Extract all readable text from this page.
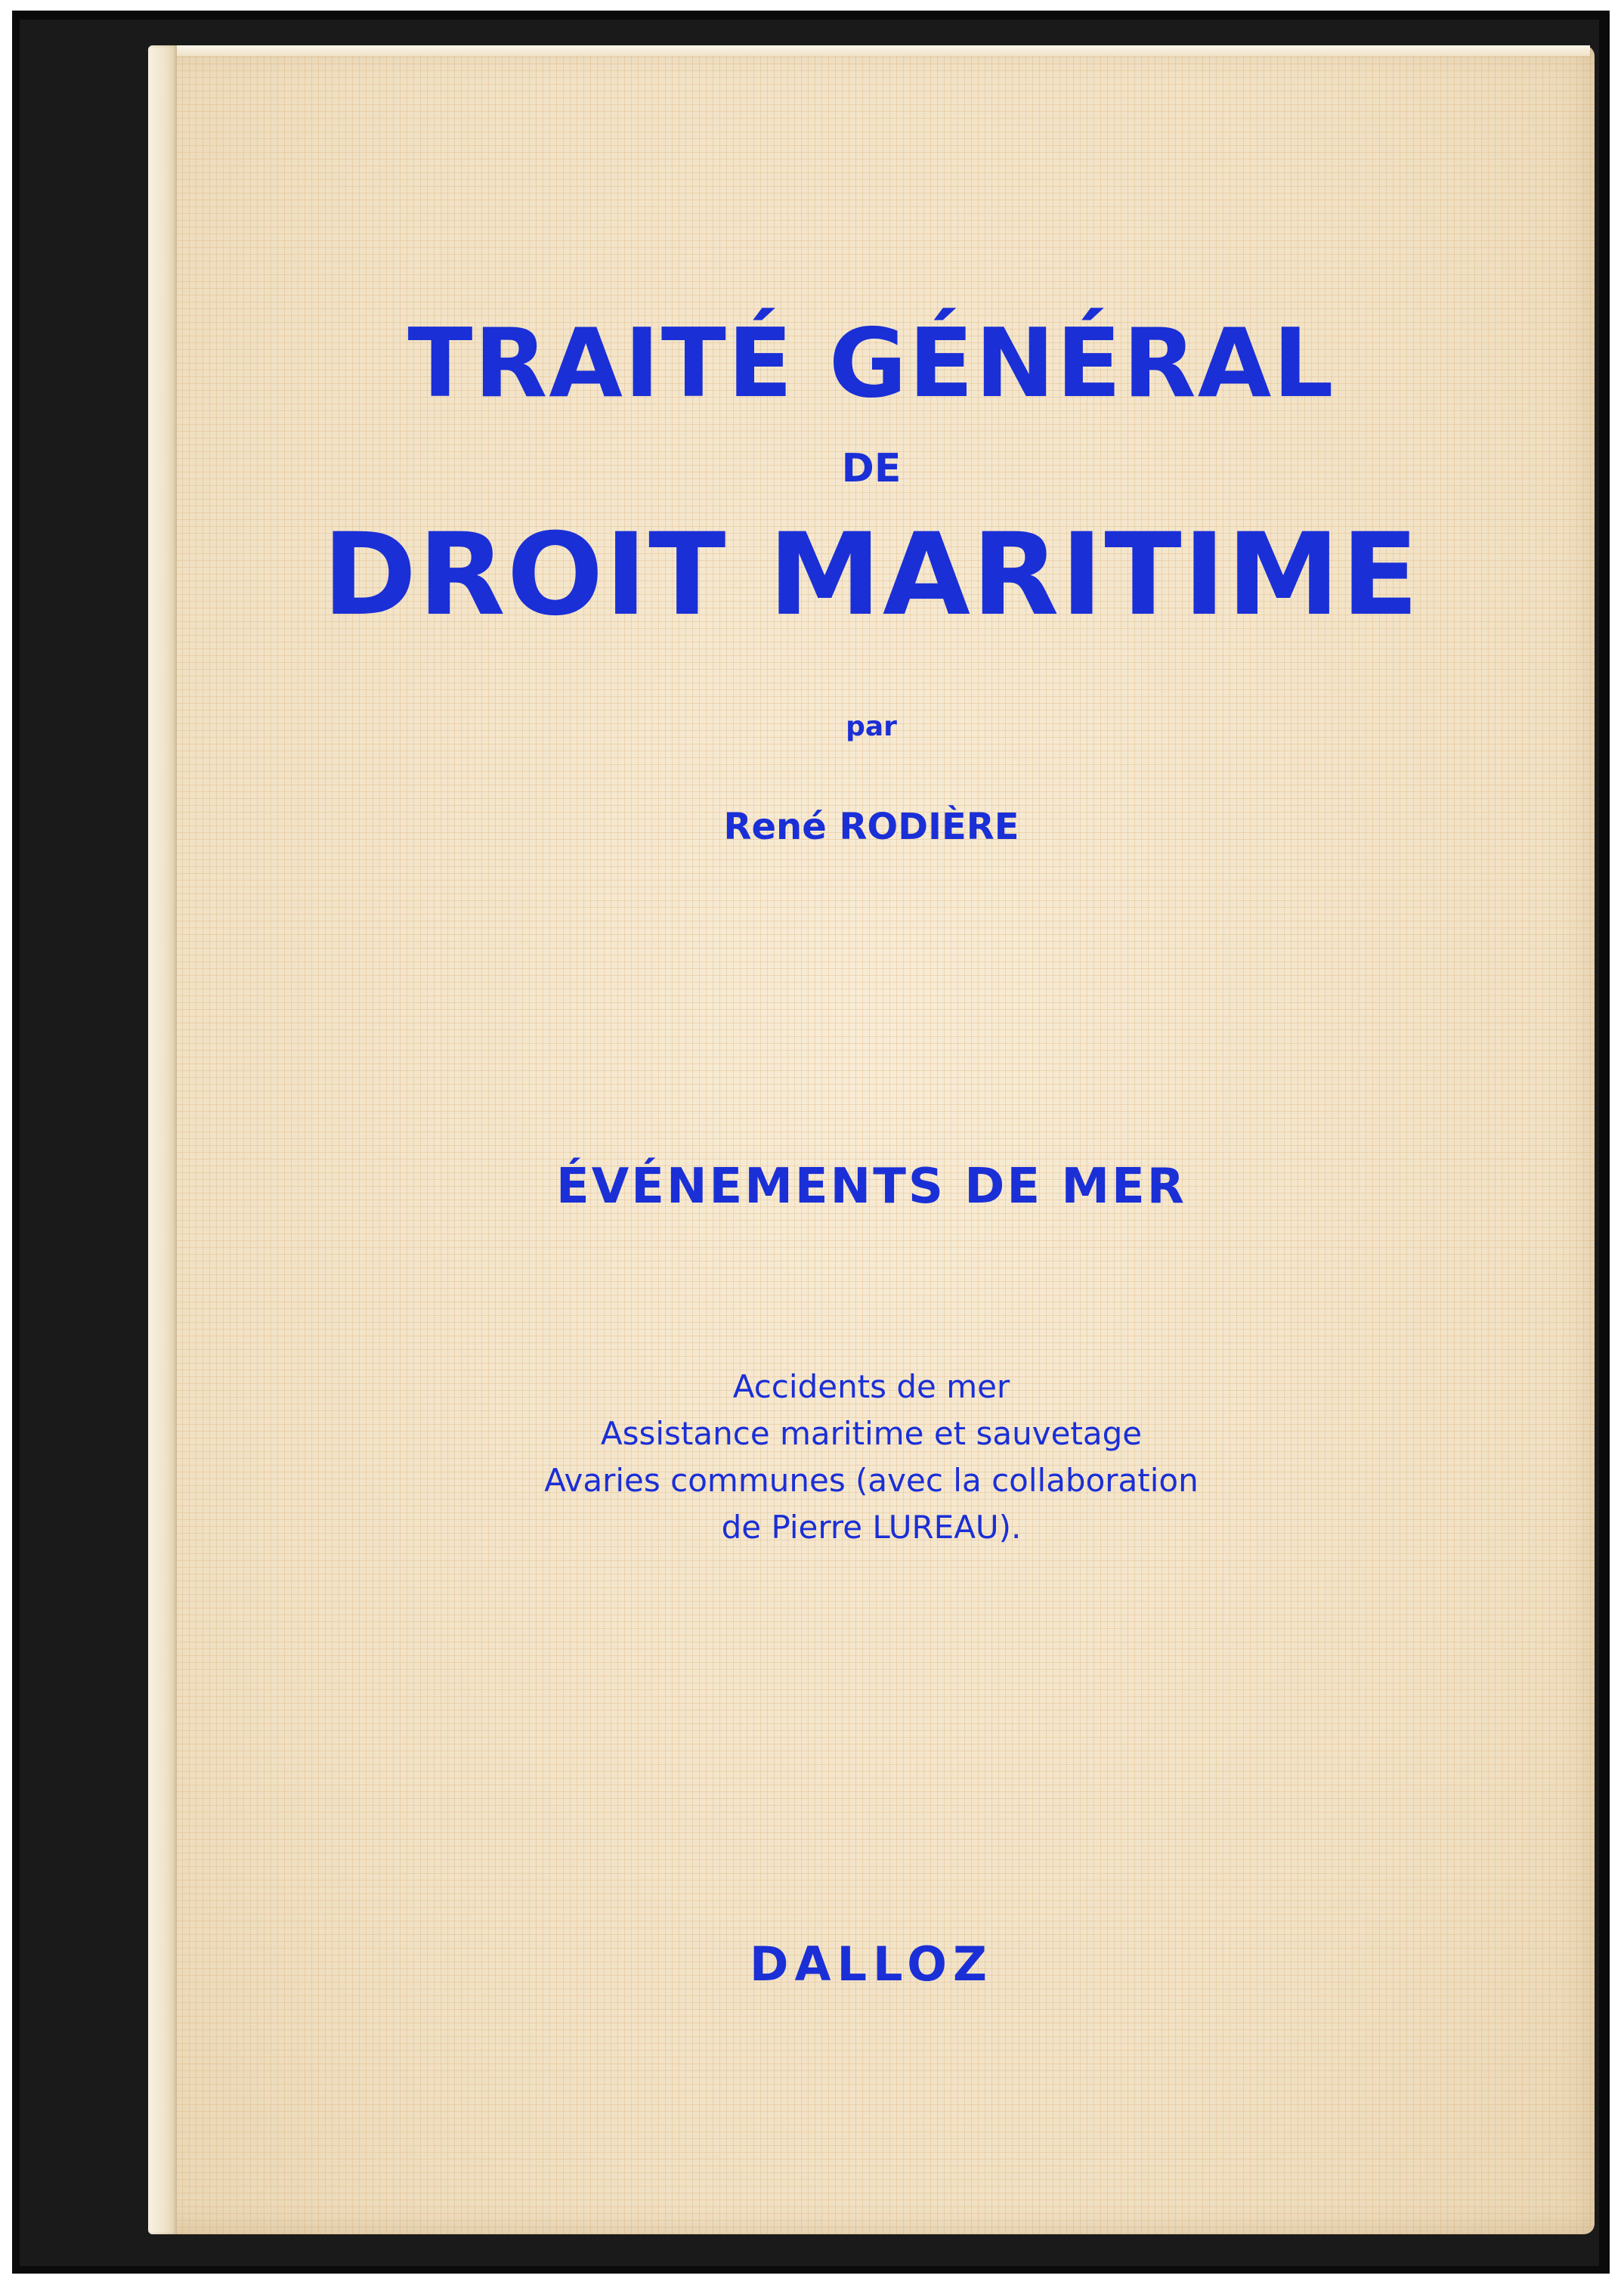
TRAITÉ GÉNÉRAL
DE
DROIT MARITIME
par
René RODIÈRE
ÉVÉNEMENTS DE MER
Accidents de mer
Assistance maritime et sauvetage
Avaries communes (avec la collaboration
de Pierre LUREAU).
DALLOZ
